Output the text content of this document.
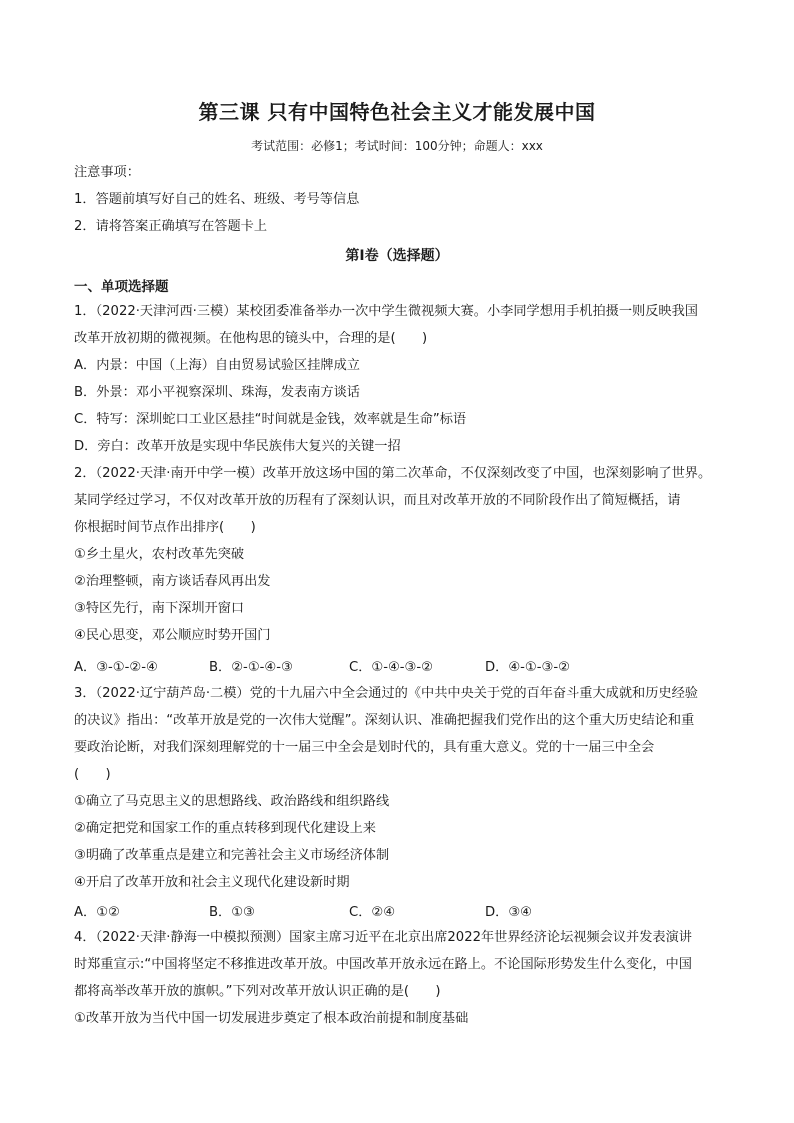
第三课 只有中国特色社会主义才能发展中国
考试范围：必修1；考试时间：100分钟；命题人：xxx
注意事项：
1．答题前填写好自己的姓名、班级、考号等信息
2．请将答案正确填写在答题卡上
第I卷（选择题）
一、单项选择题
1．（2022·天津河西·三模）某校团委准备举办一次中学生微视频大赛。小李同学想用手机拍摄一则反映我国
改革开放初期的微视频。在他构思的镜头中，合理的是(　　)
A．内景：中国（上海）自由贸易试验区挂牌成立
B．外景：邓小平视察深圳、珠海，发表南方谈话
C．特写：深圳蛇口工业区悬挂“时间就是金钱，效率就是生命”标语
D．旁白：改革开放是实现中华民族伟大复兴的关键一招
2．（2022·天津·南开中学一模）改革开放这场中国的第二次革命，不仅深刻改变了中国，也深刻影响了世界。
某同学经过学习，不仅对改革开放的历程有了深刻认识，而且对改革开放的不同阶段作出了简短概括，请
你根据时间节点作出排序(　　)
①乡土星火，农村改革先突破
②治理整顿，南方谈话春风再出发
③特区先行，南下深圳开窗口
④民心思变，邓公顺应时势开国门
A．③-①-②-④	B．②-①-④-③	C．①-④-③-②	D．④-①-③-②
3．（2022·辽宁葫芦岛·二模）党的十九届六中全会通过的《中共中央关于党的百年奋斗重大成就和历史经验
的决议》指出：“改革开放是党的一次伟大觉醒”。深刻认识、准确把握我们党作出的这个重大历史结论和重
要政治论断，对我们深刻理解党的十一届三中全会是划时代的，具有重大意义。党的十一届三中全会
(　　)
①确立了马克思主义的思想路线、政治路线和组织路线
②确定把党和国家工作的重点转移到现代化建设上来
③明确了改革重点是建立和完善社会主义市场经济体制
④开启了改革开放和社会主义现代化建设新时期
A．①②	B．①③	C．②④	D．③④
4．（2022·天津·静海一中模拟预测）国家主席习近平在北京出席2022年世界经济论坛视频会议并发表演讲
时郑重宣示:“中国将坚定不移推进改革开放。中国改革开放永远在路上。不论国际形势发生什么变化，中国
都将高举改革开放的旗帜。”下列对改革开放认识正确的是(　　)
①改革开放为当代中国一切发展进步奠定了根本政治前提和制度基础
